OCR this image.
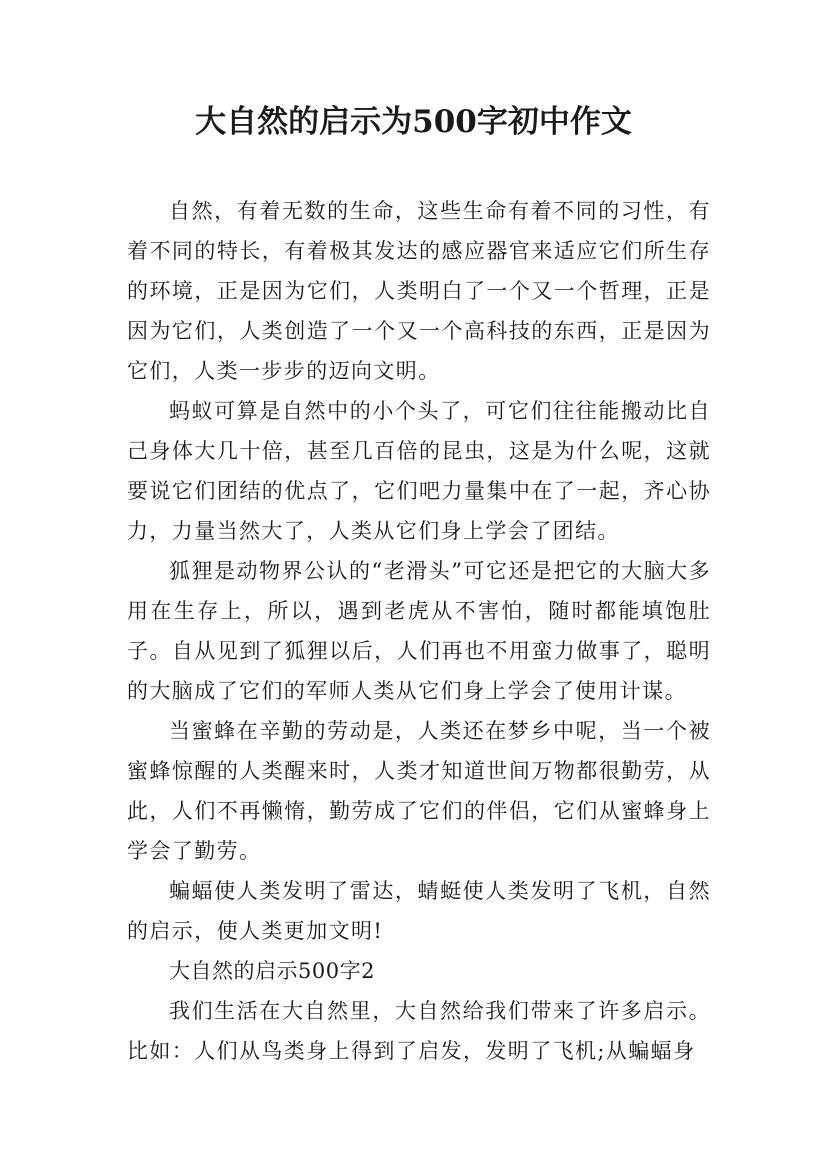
大自然的启示为500字初中作文

自然，有着无数的生命，这些生命有着不同的习性，有着不同的特长，有着极其发达的感应器官来适应它们所生存的环境，正是因为它们，人类明白了一个又一个哲理，正是因为它们，人类创造了一个又一个高科技的东西，正是因为它们，人类一步步的迈向文明。

蚂蚁可算是自然中的小个头了，可它们往往能搬动比自己身体大几十倍，甚至几百倍的昆虫，这是为什么呢，这就要说它们团结的优点了，它们吧力量集中在了一起，齐心协力，力量当然大了，人类从它们身上学会了团结。

狐狸是动物界公认的“老滑头”可它还是把它的大脑大多用在生存上，所以，遇到老虎从不害怕，随时都能填饱肚子。自从见到了狐狸以后，人们再也不用蛮力做事了，聪明的大脑成了它们的军师人类从它们身上学会了使用计谋。

当蜜蜂在辛勤的劳动是，人类还在梦乡中呢，当一个被蜜蜂惊醒的人类醒来时，人类才知道世间万物都很勤劳，从此，人们不再懒惰，勤劳成了它们的伴侣，它们从蜜蜂身上学会了勤劳。

蝙蝠使人类发明了雷达，蜻蜓使人类发明了飞机，自然的启示，使人类更加文明!

大自然的启示500字2

我们生活在大自然里，大自然给我们带来了许多启示。比如：人们从鸟类身上得到了启发，发明了飞机;从蝙蝠身
